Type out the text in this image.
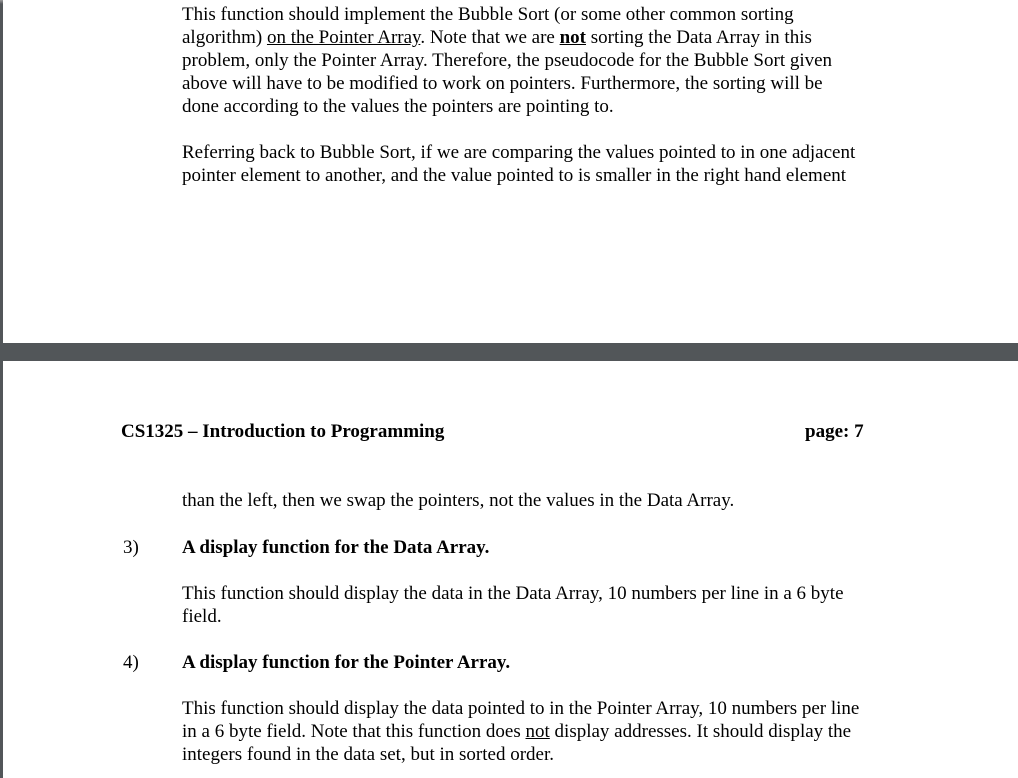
This function should implement the Bubble Sort (or some other common sorting
algorithm) on the Pointer Array. Note that we are not sorting the Data Array in this
problem, only the Pointer Array. Therefore, the pseudocode for the Bubble Sort given
above will have to be modified to work on pointers. Furthermore, the sorting will be
done according to the values the pointers are pointing to.
Referring back to Bubble Sort, if we are comparing the values pointed to in one adjacent
pointer element to another, and the value pointed to is smaller in the right hand element
CS1325 – Introduction to Programming	page: 7
than the left, then we swap the pointers, not the values in the Data Array.
3) A display function for the Data Array.
This function should display the data in the Data Array, 10 numbers per line in a 6 byte
field.
4) A display function for the Pointer Array.
This function should display the data pointed to in the Pointer Array, 10 numbers per line
in a 6 byte field. Note that this function does not display addresses. It should display the
integers found in the data set, but in sorted order.
